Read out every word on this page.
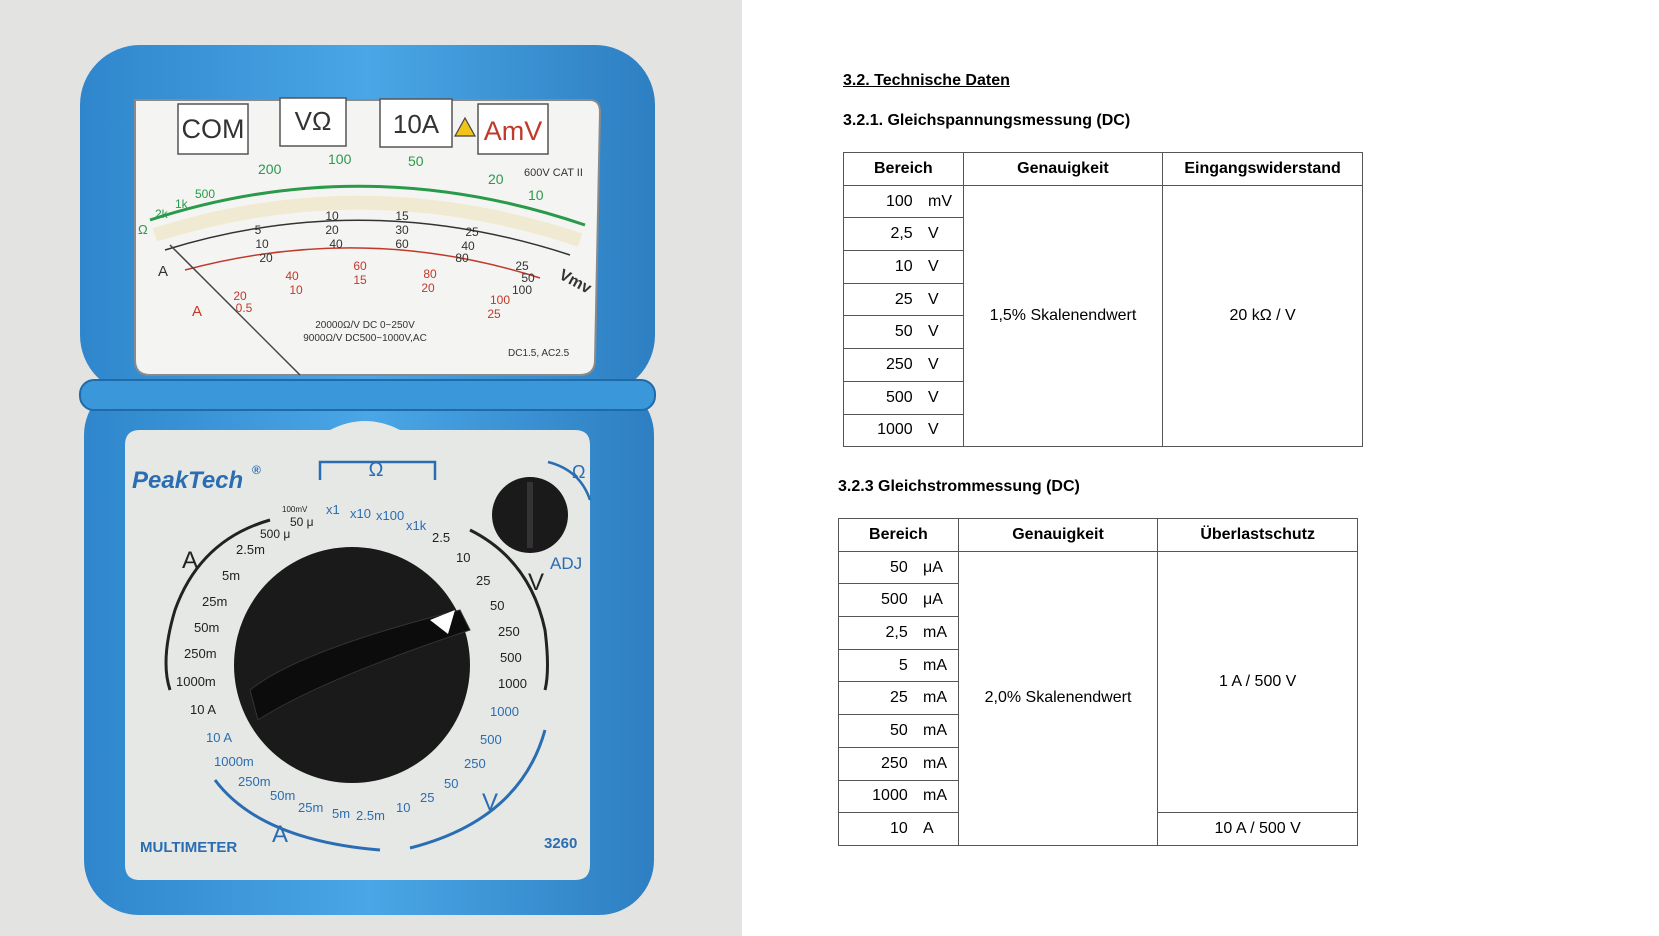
COM VΩ 10A AmV
200
100	50
20
10
2k
1k
500
Ω
600V CAT II
5
10	15
25
10
20	30
40
20
40	60
80
25
50
100 Vmv
40
60
80
100
10
15
20
25
20
0.5
A
A
20000Ω/V DC 0~250V
9000Ω/V DC500~1000V,AC
DC1.5, AC2.5
PeakTech ®	Ω
x1 x10 x100
x1k
100mV
50 μ
500 μ
2.5m
5m
25m
50m
250m
1000m
10 A
2.5
10
25
50
250
500
1000
1000
500
250
50
25
10
10 A
1000m
250m
50m
25m 5m 2.5m
A
V
A
V
Ω
ADJ
MULTIMETER	3260
3.2. Technische Daten
3.2.1. Gleichspannungsmessung (DC)
Bereich	Genauigkeit	Eingangswiderstand

100 mV	1,5% Skalenendwert	20 kΩ / V

2,5 V		

10 V		

25 V		

50 V		

250 V		

500 V		

1000 V		
3.2.3 Gleichstrommessung (DC)
Bereich	Genauigkeit	Überlastschutz

50 μA	2,0% Skalenendwert	1 A / 500 V

500 μA		

2,5 mA		

5 mA		

25 mA		

50 mA		

250 mA		

1000 mA		

10 A		10 A / 500 V
